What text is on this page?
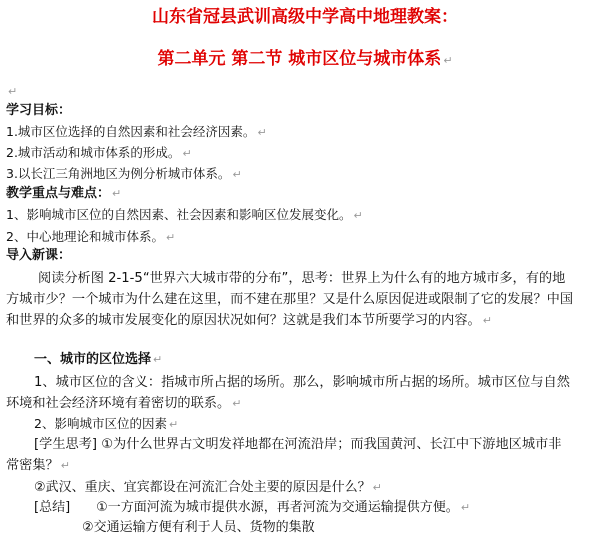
山东省冠县武训高级中学高中地理教案：
第二单元 第二节 城市区位与城市体系 ↵
↵
学习目标：
1.城市区位选择的自然因素和社会经济因素。 ↵
2.城市活动和城市体系的形成。 ↵
3.以长江三角洲地区为例分析城市体系。 ↵
教学重点与难点： ↵
1、影响城市区位的自然因素、社会因素和影响区位发展变化。 ↵
2、中心地理论和城市体系。 ↵
导入新课：
阅读分析图 2-1-5“世界六大城市带的分布”，思考：世界上为什么有的地方城市多，有的地方城市少？一个城市为什么建在这里，而不建在那里？又是什么原因促进或限制了它的发展？中国和世界的众多的城市发展变化的原因状况如何？这就是我们本节所要学习的内容。 ↵
一、城市的区位选择 ↵
1、城市区位的含义：指城市所占据的场所。那么，影响城市所占据的场所。城市区位与自然环境和社会经济环境有着密切的联系。 ↵
2、影响城市区位的因素 ↵
[学生思考] ①为什么世界古文明发祥地都在河流沿岸；而我国黄河、长江中下游地区城市非常密集？ ↵
②武汉、重庆、宜宾都设在河流汇合处主要的原因是什么？ ↵
[总结] ①一方面河流为城市提供水源，再者河流为交通运输提供方便。 ↵
②交通运输方便有利于人员、货物的集散
